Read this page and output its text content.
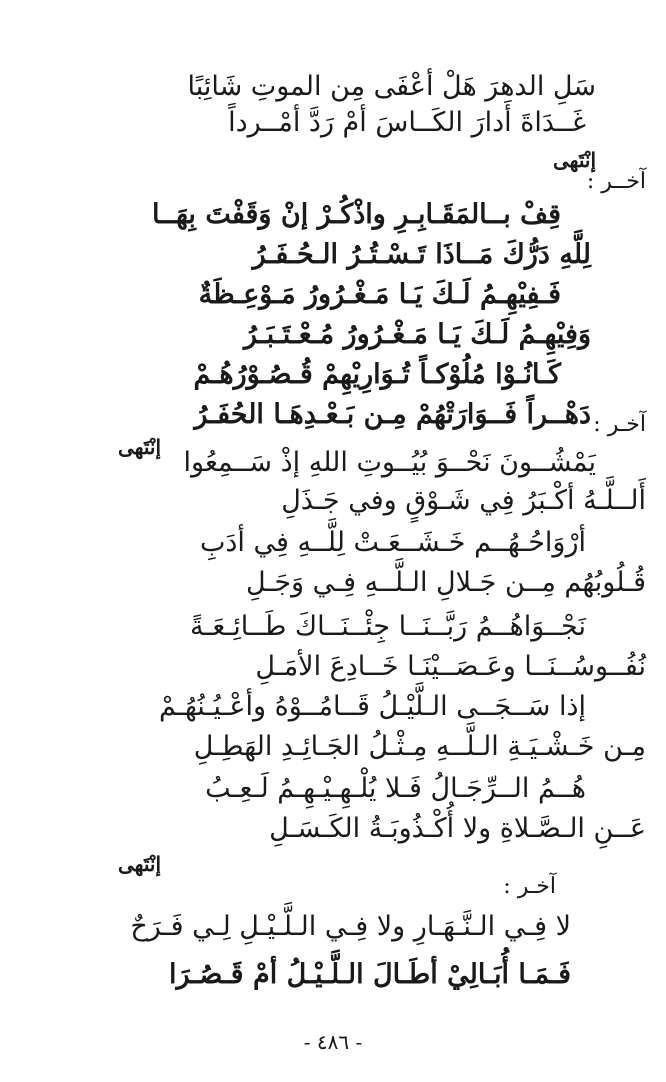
سَلِ الدهرَ هَلْ أعْفَى مِن الموتِ شَائِبًا

غَــدَاةَ أَدارَ الكَــاسَ أمْ رَدَّ أمْــرداً

إنْتَهى

آخــر :

قِفْ بــالمَقَـابِـرِ واذْكُـرْ إنْ وَقَفْتَ بِهَــا

لِلَّهِ دَرُّكَ مَــاذَا تَـسْـتُـرُ الـحُـفَـرُ

فَـفِيْهِـمُ لَـكَ يَـا مَـغْـرُورُ مَـوْعِـظَةٌ

وَفِيْهِـمُ لَـكَ يَـا مَـغْـرُورُ مُـعْـتَـبَـرُ

كَـانُـوْا مُلُوْكـاً تُـوَارِيْهِمْ قُـصُـوْرُهُـمْ

دَهْــراً فَــوَارَتْهُمْ مِـن بَـعْـدِهَـا الحُفَـرُ آخـر :

إنْتَهى يَمْشُــونَ نَحْــوَ بُيُــوتِ اللهِ إذْ سَــمِعُوا

أَلــلَّـهُ أكْـبَرُ فِي شَـوْقٍ وفي جَـذَلِ

أرْوَاحُـهُــم خَـشَــعَـتْ لِلَّــهِ فِي أدَبِ

قُـلُوبُهُم مِــن جَـلالِ الـلَّــهِ فِـي وَجَـلِ

نَجْــوَاهُــمُ رَبَّــنَــا جِئْــنَــاكَ طَــائِـعَـةً

نُفُــوسُــنَــا وعَـصَــيْنَـا خَــادِعَ الأمَـلِ

إذا سَــجَــى الـلَّيْـلُ قَــامُــوْهُ وأعْـيُـنُهُـمْ

مِـن خَـشْـيَـةِ الـلَّــهِ مِـثْـلُ الجَـائِـدِ الهَطِـلِ

هُــمُ الــرِّجَـالُ فَـلا يُلْـهِـيْـهِـمُ لَـعِـبُ

عَــنِ الـصَّـلاةِ ولا أُكْـذُوبَـةُ الكَـسَـلِ

إنْتَهى

آخـر :

لا فِـي الـنَّـهَـارِ ولا فِـي الـلَّـيْـلِ لِـي فَـرَحٌ

فَـمَـا أُبَـالِيْ أطَـالَ الـلَّـيْـلُ أمْ قَـصُـرَا

- ٤٨٦ -
